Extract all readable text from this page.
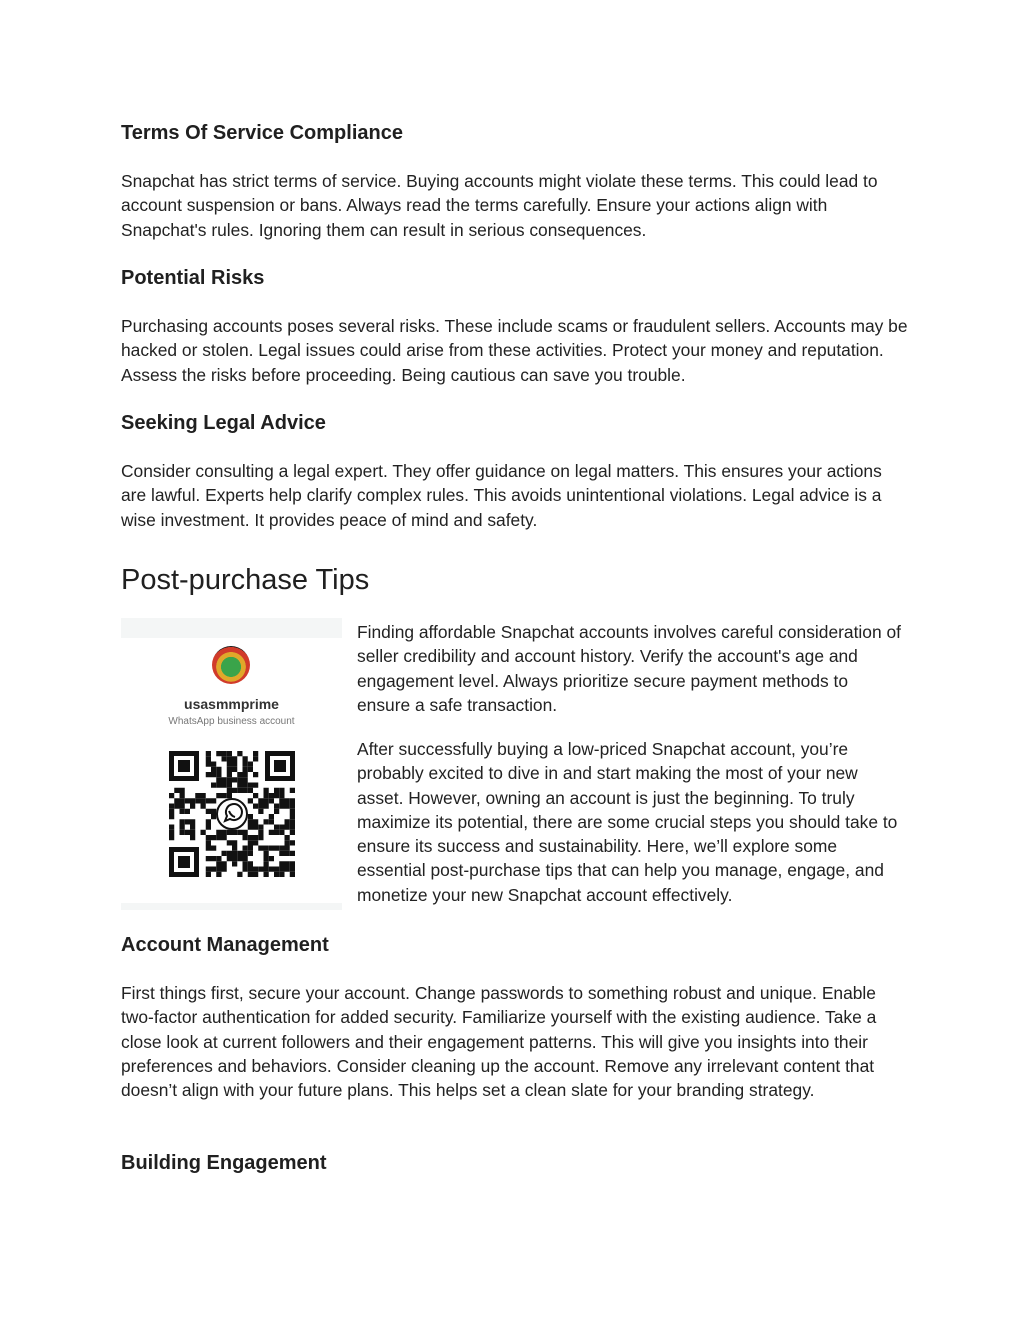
Terms Of Service Compliance

Snapchat has strict terms of service. Buying accounts might violate these terms. This could lead to account suspension or bans. Always read the terms carefully. Ensure your actions align with Snapchat's rules. Ignoring them can result in serious consequences.

Potential Risks

Purchasing accounts poses several risks. These include scams or fraudulent sellers. Accounts may be hacked or stolen. Legal issues could arise from these activities. Protect your money and reputation. Assess the risks before proceeding. Being cautious can save you trouble.

Seeking Legal Advice

Consider consulting a legal expert. They offer guidance on legal matters. This ensures your actions are lawful. Experts help clarify complex rules. This avoids unintentional violations. Legal advice is a wise investment. It provides peace of mind and safety.

Post-purchase Tips
usasmmprime
WhatsApp business account

Finding affordable Snapchat accounts involves careful consideration of seller credibility and account history. Verify the account's age and engagement level. Always prioritize secure payment methods to ensure a safe transaction.

After successfully buying a low-priced Snapchat account, you’re probably excited to dive in and start making the most of your new asset. However, owning an account is just the beginning. To truly maximize its potential, there are some crucial steps you should take to ensure its success and sustainability. Here, we’ll explore some essential post-purchase tips that can help you manage, engage, and monetize your new Snapchat account effectively.

Account Management

First things first, secure your account. Change passwords to something robust and unique. Enable two-factor authentication for added security. Familiarize yourself with the existing audience. Take a close look at current followers and their engagement patterns. This will give you insights into their preferences and behaviors. Consider cleaning up the account. Remove any irrelevant content that doesn’t align with your future plans. This helps set a clean slate for your branding strategy.

Building Engagement
